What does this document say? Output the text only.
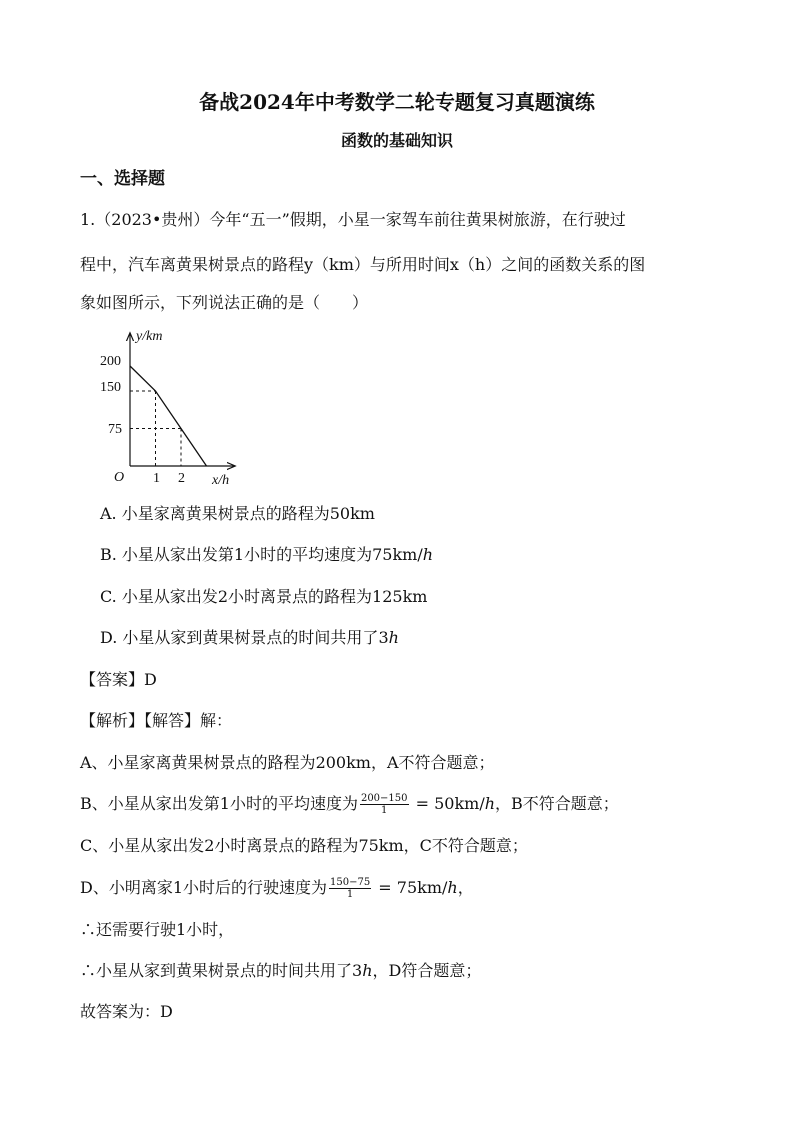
备战2024年中考数学二轮专题复习真题演练
函数的基础知识
一、选择题
1.（2023•贵州）今年“五一”假期，小星一家驾车前往黄果树旅游，在行驶过
程中，汽车离黄果树景点的路程y（km）与所用时间x（h）之间的函数关系的图
象如图所示，下列说法正确的是（　　）
y/km
x/h
O
200
150
75
1 2
A. 小星家离黄果树景点的路程为50km
B. 小星从家出发第1小时的平均速度为75km/h
C. 小星从家出发2小时离景点的路程为125km
D. 小星从家到黄果树景点的时间共用了3h
【答案】D
【解析】【解答】解：
A、小星家离黄果树景点的路程为200km，A不符合题意；
B、小星从家出发第1小时的平均速度为 $\frac{200-150}{1} = 50km/h$，B不符合题意；
C、小星从家出发2小时离景点的路程为75km，C不符合题意；
D、小明离家1小时后的行驶速度为 $\frac{150-75}{1} = 75km/h$，
∴还需要行驶1小时，
∴小星从家到黄果树景点的时间共用了3h，D符合题意；
故答案为：D
